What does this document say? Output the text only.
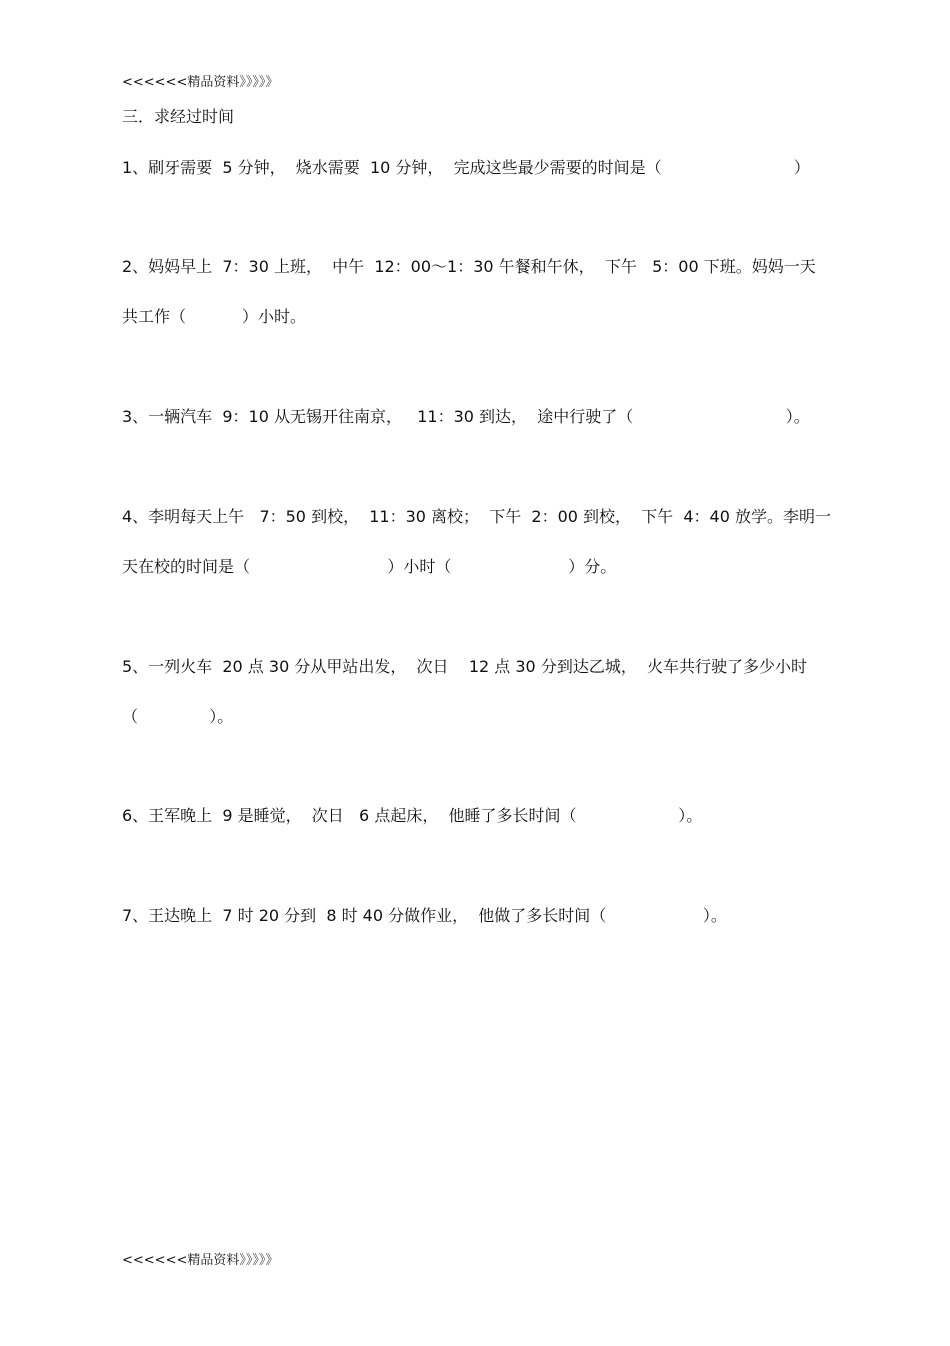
<<<<<<精品资料》》》》》
三．求经过时间
1、刷牙需要  5 分钟，  烧水需要  10 分钟，  完成这些最少需要的时间是（                          ）
2、妈妈早上  7：30 上班，  中午  12：00～1：30 午餐和午休，  下午   5：00 下班。妈妈一天
共工作（           ）小时。
3、一辆汽车  9：10 从无锡开往南京，   11：30 到达，  途中行驶了（                              ）。
4、李明每天上午   7：50 到校，  11：30 离校；  下午  2：00 到校，  下午  4：40 放学。李明一
天在校的时间是（                           ）小时（                       ）分。
5、一列火车  20 点 30 分从甲站出发，  次日    12 点 30 分到达乙城，  火车共行驶了多少小时
（              ）。
6、王军晚上  9 是睡觉，  次日   6 点起床，  他睡了多长时间（                    ）。
7、王达晚上  7 时 20 分到  8 时 40 分做作业，  他做了多长时间（                   ）。
<<<<<<精品资料》》》》》
